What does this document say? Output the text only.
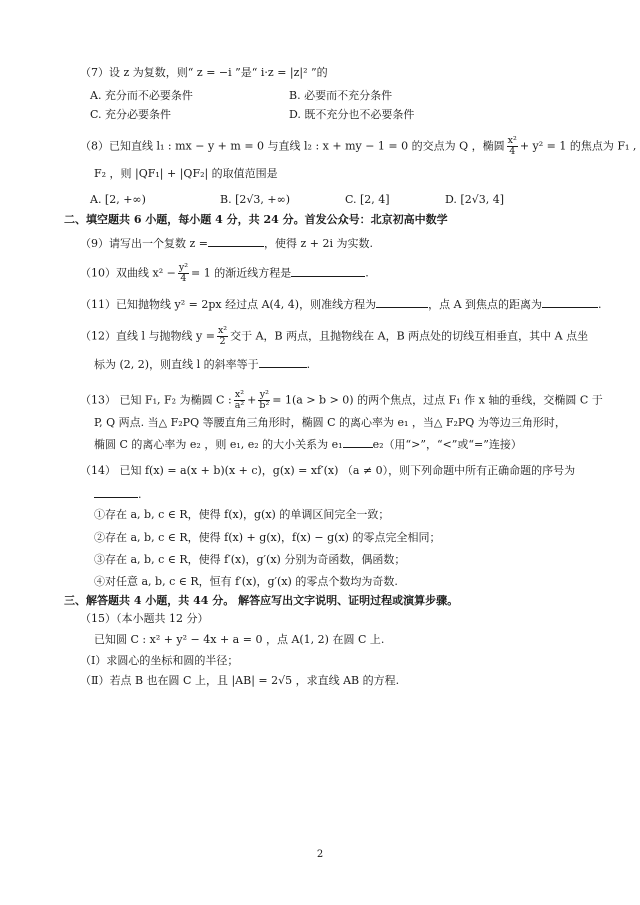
（7）设 z 为复数，则“ z = −i ”是“ i·z = |z|² ”的
A. 充分而不必要条件	B. 必要而不充分条件
C. 充分必要条件	D. 既不充分也不必要条件
（8）已知直线 l₁ : mx − y + m = 0 与直线 l₂ : x + my − 1 = 0 的交点为 Q ，椭圆 $\frac{\text{x²}}{4} + y^2 = 1$ 的焦点为 F₁ ,
F₂ ，则 |QF₁| + |QF₂| 的取值范围是
A. [2, +∞)	B. [2√3, +∞)	C. [2, 4]	D. [2√3, 4]
二、填空题共 6 小题，每小题 4 分，共 24 分。首发公众号：北京初高中数学
（9）请写出一个复数 z =	，使得 z + 2i 为实数.
（10）双曲线 $x^2 - \frac{\text{y²}}{4} = 1$ 的渐近线方程是	.
（11）已知抛物线 y² = 2px 经过点 A(4, 4)，则准线方程为	，点 A 到焦点的距离为	.
（12）直线 l 与抛物线 $y = \frac{\text{x²}}{2}$ 交于 A，B 两点，且抛物线在 A，B 两点处的切线互相垂直，其中 A 点坐
标为 (2, 2)，则直线 l 的斜率等于	.
（13） 已知 F₁, F₂ 为椭圆 C : $\frac{\text{x²}}{\text{a²}} + \frac{\text{y²}}{\text{b²}} = 1(a > b > 0)$ 的两个焦点，过点 F₁ 作 x 轴的垂线，交椭圆 C 于
P, Q 两点. 当△ F₂PQ 等腰直角三角形时，椭圆 C 的离心率为 e₁ ，当△ F₂PQ 为等边三角形时，
椭圆 C 的离心率为 e₂ ，则 e₁, e₂ 的大小关系为 e₁	e₂（用“>”，“<”或“=”连接）
（14） 已知 f(x) = a(x + b)(x + c)，g(x) = xf′(x) （a ≠ 0），则下列命题中所有正确命题的序号为
.
①存在 a, b, c ∈ R，使得 f(x)，g(x) 的单调区间完全一致；
②存在 a, b, c ∈ R，使得 f(x) + g(x)，f(x) − g(x) 的零点完全相同；
③存在 a, b, c ∈ R，使得 f′(x)，g′(x) 分别为奇函数，偶函数；
④对任意 a, b, c ∈ R，恒有 f′(x)，g′(x) 的零点个数均为奇数.
三、解答题共 4 小题，共 44 分。 解答应写出文字说明、证明过程或演算步骤。
（15）（本小题共 12 分）
已知圆 C : x² + y² − 4x + a = 0 ，点 A(1, 2) 在圆 C 上.
（Ⅰ）求圆心的坐标和圆的半径；
（Ⅱ）若点 B 也在圆 C 上，且 |AB| = 2√5 ，求直线 AB 的方程.
2
